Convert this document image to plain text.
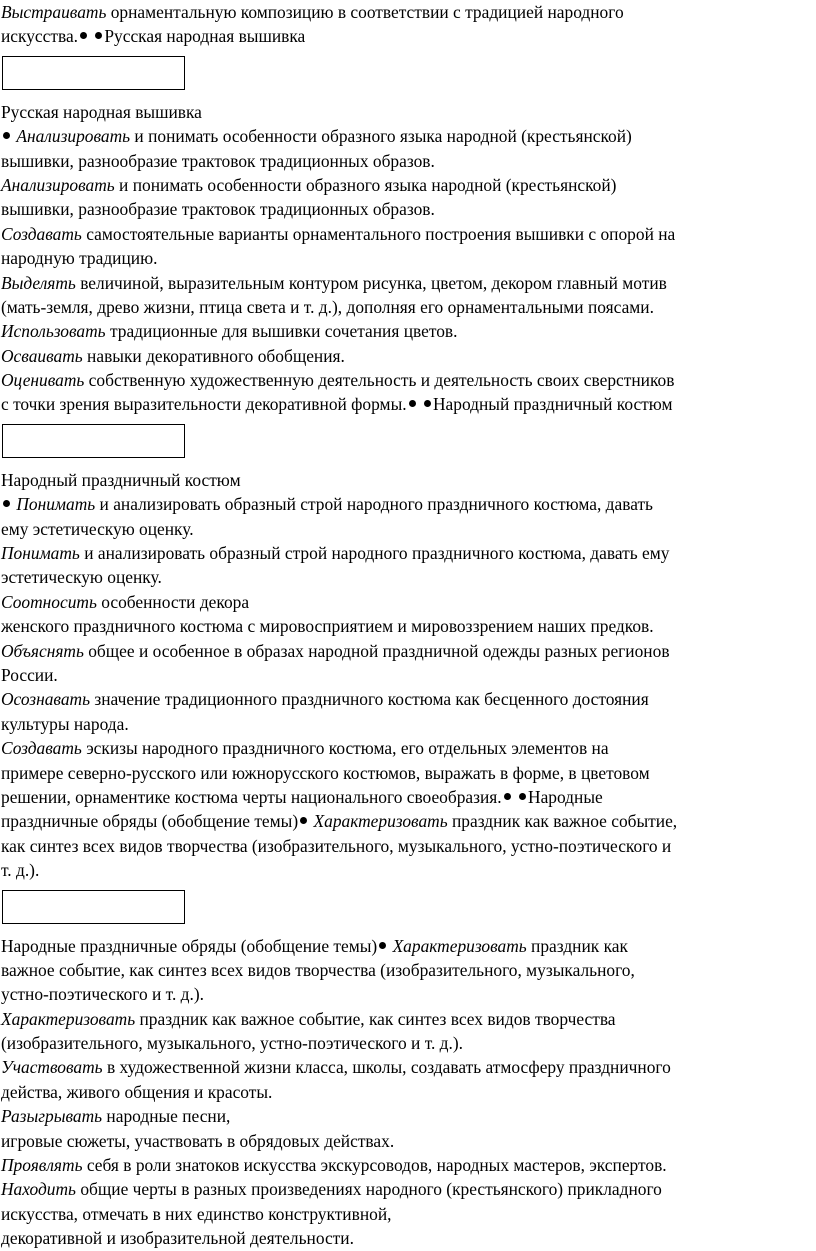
Выстраивать орнаментальную композицию в соответствии с традицией народного
искусства. Русская народная вышивка
Русская народная вышивка
Анализировать и понимать особенности образного языка народной (крестьянской)
вышивки, разнообразие трактовок традиционных образов.
Анализировать и понимать особенности образного языка народной (крестьянской)
вышивки, разнообразие трактовок традиционных образов.
Создавать самостоятельные варианты орнаментального построения вышивки с опорой на
народную традицию.
Выделять величиной, выразительным контуром рисунка, цветом, декором главный мотив
(мать-земля, древо жизни, птица света и т. д.), дополняя его орнаментальными поясами.
Использовать традиционные для вышивки сочетания цветов.
Осваивать навыки декоративного обобщения.
Оценивать собственную художественную деятельность и деятельность своих сверстников
с точки зрения выразительности декоративной формы. Народный праздничный костюм
Народный праздничный костюм
Понимать и анализировать образный строй народного праздничного костюма, давать
ему эстетическую оценку.
Понимать и анализировать образный строй народного праздничного костюма, давать ему
эстетическую оценку.
Соотносить особенности декора
женского праздничного костюма с мировосприятием и мировоззрением наших предков.
Объяснять общее и особенное в образах народной праздничной одежды разных регионов
России.
Осознавать значение традиционного праздничного костюма как бесценного достояния
культуры народа.
Создавать эскизы народного праздничного костюма, его отдельных элементов на
примере северно-русского или южнорусского костюмов, выражать в форме, в цветовом
решении, орнаментике костюма черты национального своеобразия. Народные
праздничные обряды (обобщение темы) Характеризовать праздник как важное событие,
как синтез всех видов творчества (изобразительного, музыкального, устно-поэтического и
т. д.).
Народные праздничные обряды (обобщение темы) Характеризовать праздник как
важное событие, как синтез всех видов творчества (изобразительного, музыкального,
устно-поэтического и т. д.).
Характеризовать праздник как важное событие, как синтез всех видов творчества
(изобразительного, музыкального, устно-поэтического и т. д.).
Участвовать в художественной жизни класса, школы, создавать атмосферу праздничного
действа, живого общения и красоты.
Разыгрывать народные песни,
игровые сюжеты, участвовать в обрядовых действах.
Проявлять себя в роли знатоков искусства экскурсоводов, народных мастеров, экспертов.
Находить общие черты в разных произведениях народного (крестьянского) прикладного
искусства, отмечать в них единство конструктивной,
декоративной и изобразительной деятельности.
